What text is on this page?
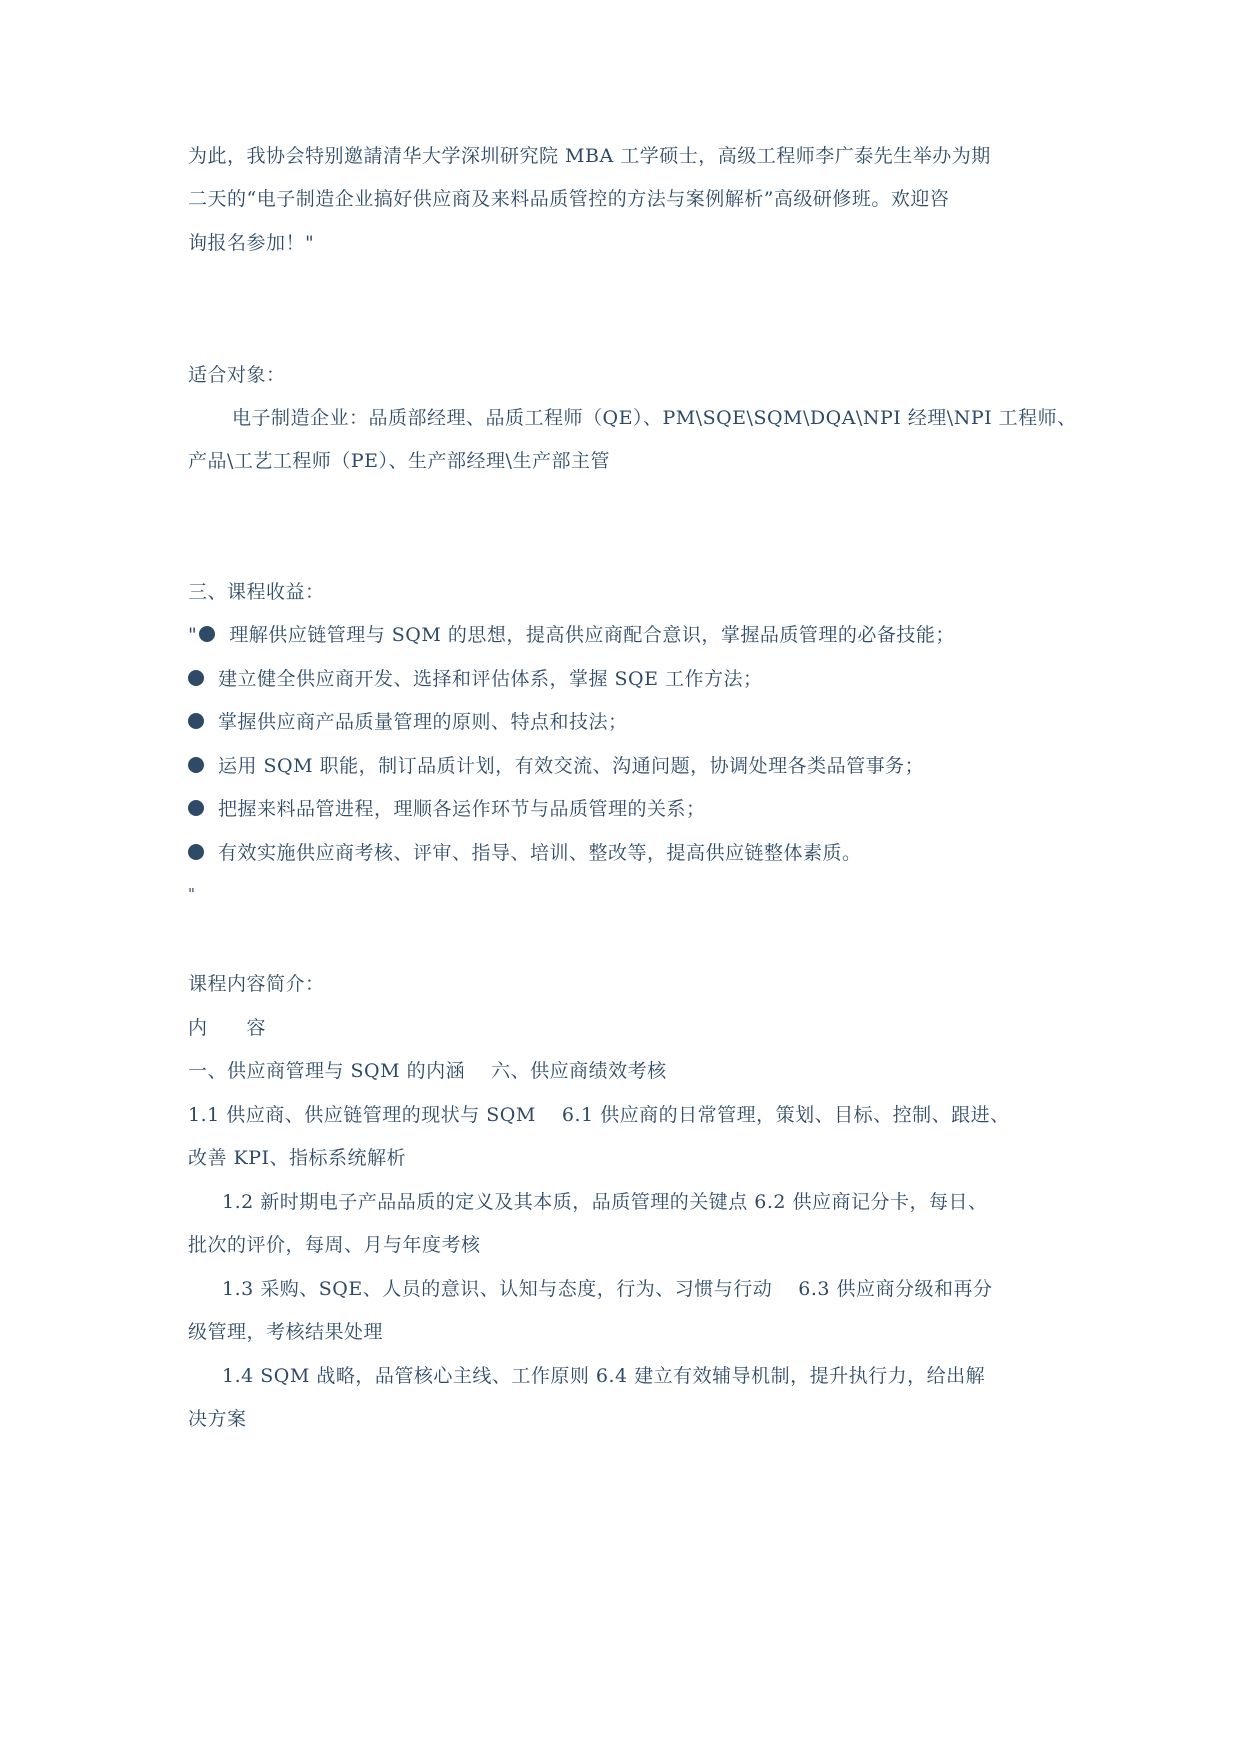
为此，我协会特别邀請清华大学深圳研究院 MBA 工学硕士，高级工程师李广泰先生举办为期
二天的“电子制造企业搞好供应商及来料品质管控的方法与案例解析”高级研修班。欢迎咨
询报名参加！"
适合对象：
电子制造企业：品质部经理、品质工程师（QE）、PM\SQE\SQM\DQA\NPI 经理\NPI 工程师、
产品\工艺工程师（PE）、生产部经理\生产部主管
三、课程收益：
" 理解供应链管理与 SQM 的思想，提高供应商配合意识，掌握品质管理的必备技能；
建立健全供应商开发、选择和评估体系，掌握 SQE 工作方法；
掌握供应商产品质量管理的原则、特点和技法；
运用 SQM 职能，制订品质计划，有效交流、沟通问题，协调处理各类品管事务；
把握来料品管进程，理顺各运作环节与品质管理的关系；
有效实施供应商考核、评审、指导、培训、整改等，提高供应链整体素质。
"
课程内容简介：
内　　容
一、供应商管理与 SQM 的内涵　 六、供应商绩效考核
1.1 供应商、供应链管理的现状与 SQM　 6.1 供应商的日常管理，策划、目标、控制、跟进、
改善 KPI、指标系统解析
1.2 新时期电子产品品质的定义及其本质，品质管理的关键点 6.2 供应商记分卡，每日、
批次的评价，每周、月与年度考核
1.3 采购、SQE、人员的意识、认知与态度，行为、习惯与行动　 6.3 供应商分级和再分
级管理，考核结果处理
1.4 SQM 战略，品管核心主线、工作原则 6.4 建立有效辅导机制，提升执行力，给出解
决方案
